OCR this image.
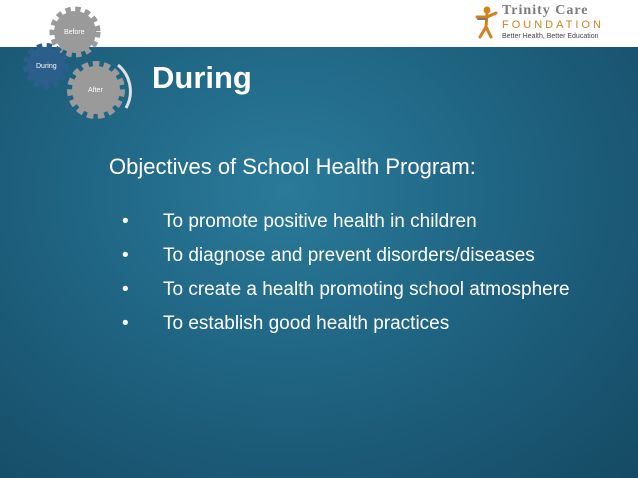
Trinity Care
FOUNDATION
Better Health, Better Education
Before
During
After During
Objectives of School Health Program:
• To promote positive health in children
• To diagnose and prevent disorders/diseases
• To create a health promoting school atmosphere
• To establish good health practices
